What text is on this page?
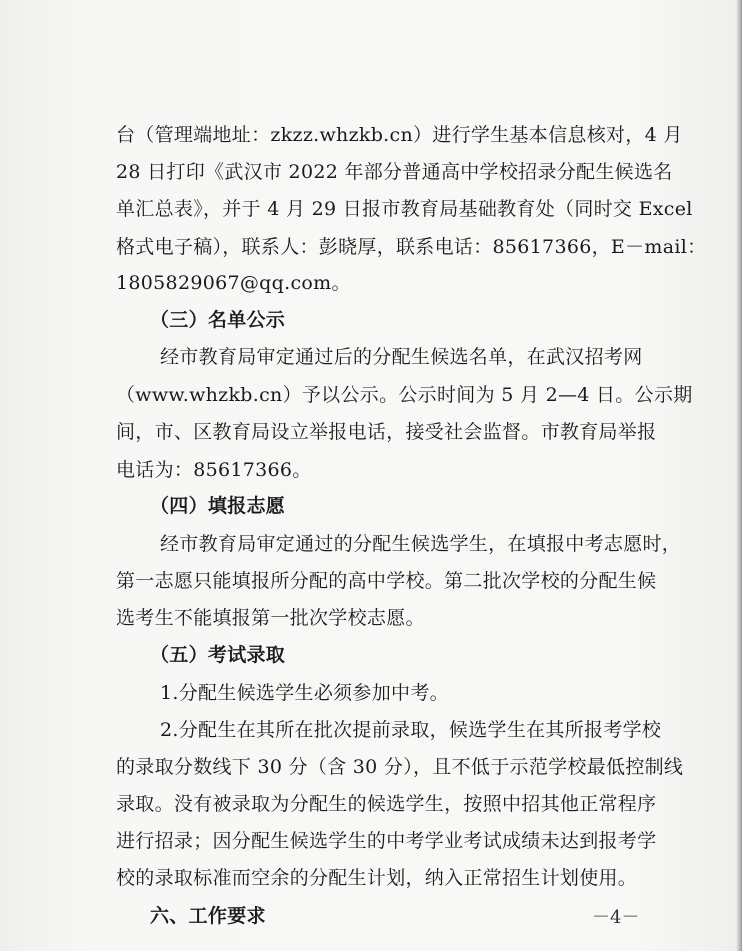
台（管理端地址：zkzz.whzkb.cn）进行学生基本信息核对，4 月
28 日打印《武汉市 2022 年部分普通高中学校招录分配生候选名
单汇总表》，并于 4 月 29 日报市教育局基础教育处（同时交 Excel
格式电子稿），联系人：彭晓厚，联系电话：85617366，E－mail：
1805829067@qq.com。
（三）名单公示
经市教育局审定通过后的分配生候选名单，在武汉招考网
（www.whzkb.cn）予以公示。公示时间为 5 月 2—4 日。公示期
间，市、区教育局设立举报电话，接受社会监督。市教育局举报
电话为：85617366。
（四）填报志愿
经市教育局审定通过的分配生候选学生，在填报中考志愿时，
第一志愿只能填报所分配的高中学校。第二批次学校的分配生候
选考生不能填报第一批次学校志愿。
（五）考试录取
1.分配生候选学生必须参加中考。
2.分配生在其所在批次提前录取，候选学生在其所报考学校
的录取分数线下 30 分（含 30 分），且不低于示范学校最低控制线
录取。没有被录取为分配生的候选学生，按照中招其他正常程序
进行招录；因分配生候选学生的中考学业考试成绩未达到报考学
校的录取标准而空余的分配生计划，纳入正常招生计划使用。
六、工作要求	－4－
